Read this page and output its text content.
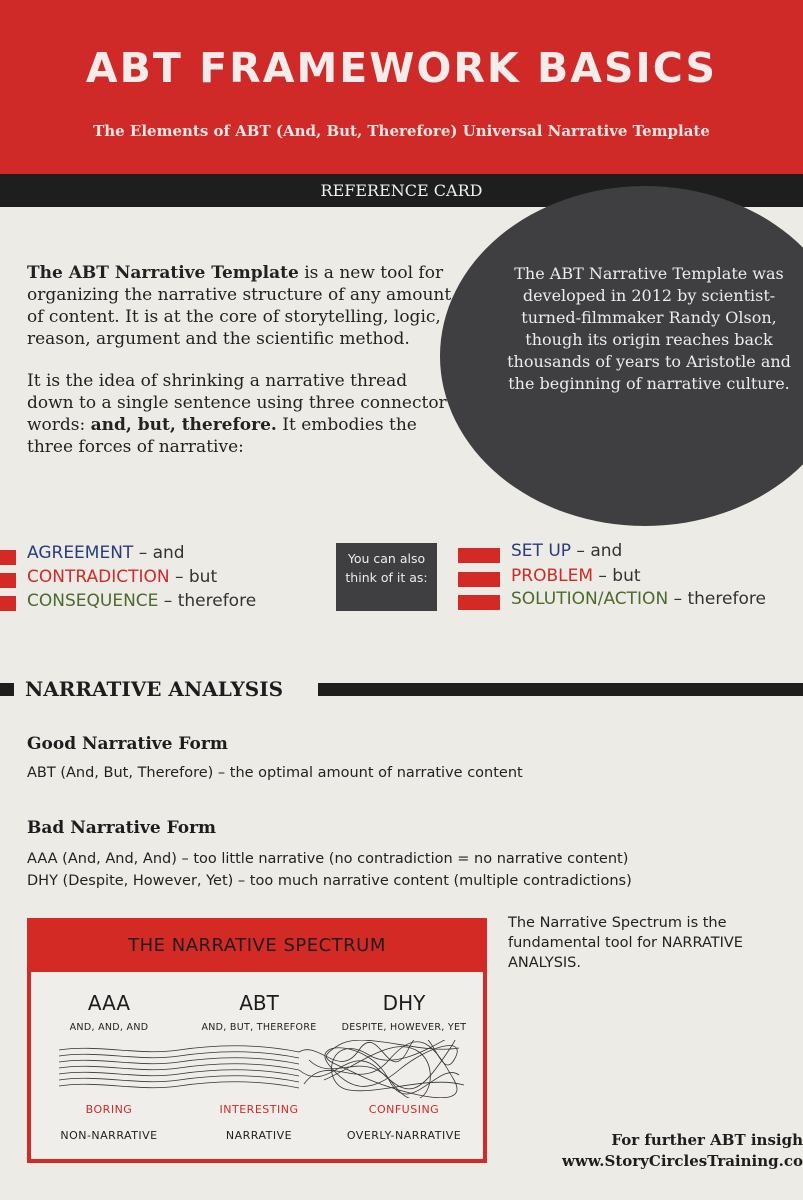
ABT FRAMEWORK BASICS
The Elements of ABT (And, But, Therefore) Universal Narrative Template
REFERENCE CARD
The ABT Narrative Template was developed in 2012 by scientist-turned-filmmaker Randy Olson, though its origin reaches back thousands of years to Aristotle and the beginning of narrative culture.

The ABT Narrative Template is a new tool for organizing the narrative structure of any amount of content. It is at the core of storytelling, logic, reason, argument and the scientific method.

It is the idea of shrinking a narrative thread down to a single sentence using three connector words: and, but, therefore. It embodies the three forces of narrative:

AGREEMENT – and
CONTRADICTION – but
CONSEQUENCE – therefore
You can also think of it as:
SET UP – and
PROBLEM – but
SOLUTION/ACTION – therefore
NARRATIVE ANALYSIS
Good Narrative Form
ABT (And, But, Therefore) – the optimal amount of narrative content
Bad Narrative Form
AAA (And, And, And) – too little narrative (no contradiction = no narrative content)
DHY (Despite, However, Yet) – too much narrative content (multiple contradictions)
THE NARRATIVE SPECTRUM
AAA	ABT	DHY
AND, AND, AND	AND, BUT, THEREFORE	DESPITE, HOWEVER, YET
BORING	INTERESTING	CONFUSING
NON-NARRATIVE	NARRATIVE	OVERLY-NARRATIVE
The Narrative Spectrum is the fundamental tool for NARRATIVE ANALYSIS.
For further ABT insigh
www.StoryCirclesTraining.co
